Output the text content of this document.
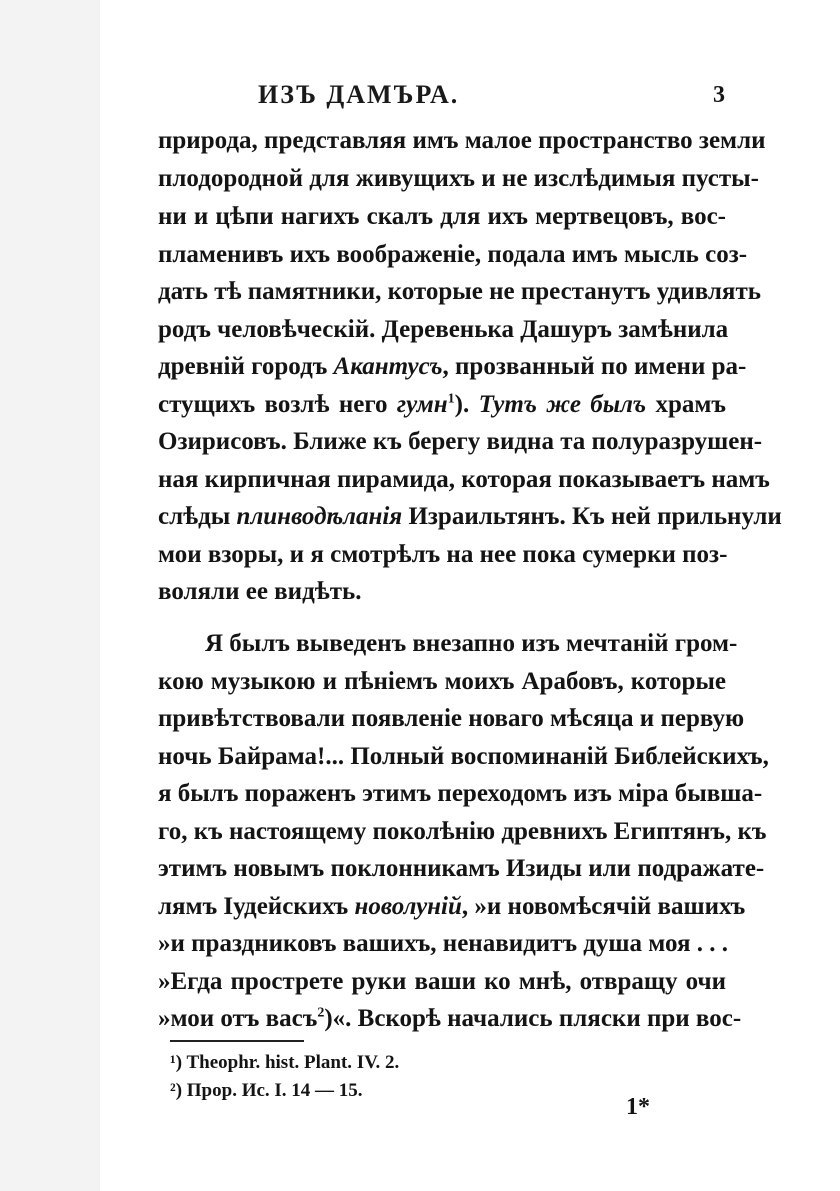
ИЗЪ ДАМЪРА.	3
природа, представляя имъ малое пространство земли
плодородной для живущихъ и не изслѣдимыя пусты-
ни и цѣпи нагихъ скалъ для ихъ мертвецовъ, вос-
пламенивъ ихъ воображеніе, подала имъ мысль соз-
дать тѣ памятники, которые не престанутъ удивлять
родъ человѣческій. Деревенька Дашуръ замѣнила
древній городъ Акантусъ, прозванный по имени ра-
стущихъ возлѣ него гумн$^1$). Тутъ же былъ храмъ
Озирисовъ. Ближе къ берегу видна та полуразрушен-
ная кирпичная пирамида, которая показываетъ намъ
слѣды плинводѣланія Израильтянъ. Къ ней прильнули
мои взоры, и я смотрѣлъ на нее пока сумерки поз-
воляли ее видѣть.
Я былъ выведенъ внезапно изъ мечтаній гром-
кою музыкою и пѣніемъ моихъ Арабовъ, которые
привѣтствовали появленіе новаго мѣсяца и первую
ночь Байрама!... Полный воспоминаній Библейскихъ,
я былъ пораженъ этимъ переходомъ изъ міра бывша-
го, къ настоящему поколѣнію древнихъ Египтянъ, къ
этимъ новымъ поклонникамъ Изиды или подражате-
лямъ Іудейскихъ новолуній, »и новомѣсячій вашихъ
»и праздниковъ вашихъ, ненавидитъ душа моя . . .
»Егда прострете руки ваши ко мнѣ, отвращу очи
»мои отъ васъ$^2$)«. Вскорѣ начались пляски при вос-
¹) Theophr. hist. Plant. IV. 2.
²) Прор. Ис. I. 14 — 15.
1*
